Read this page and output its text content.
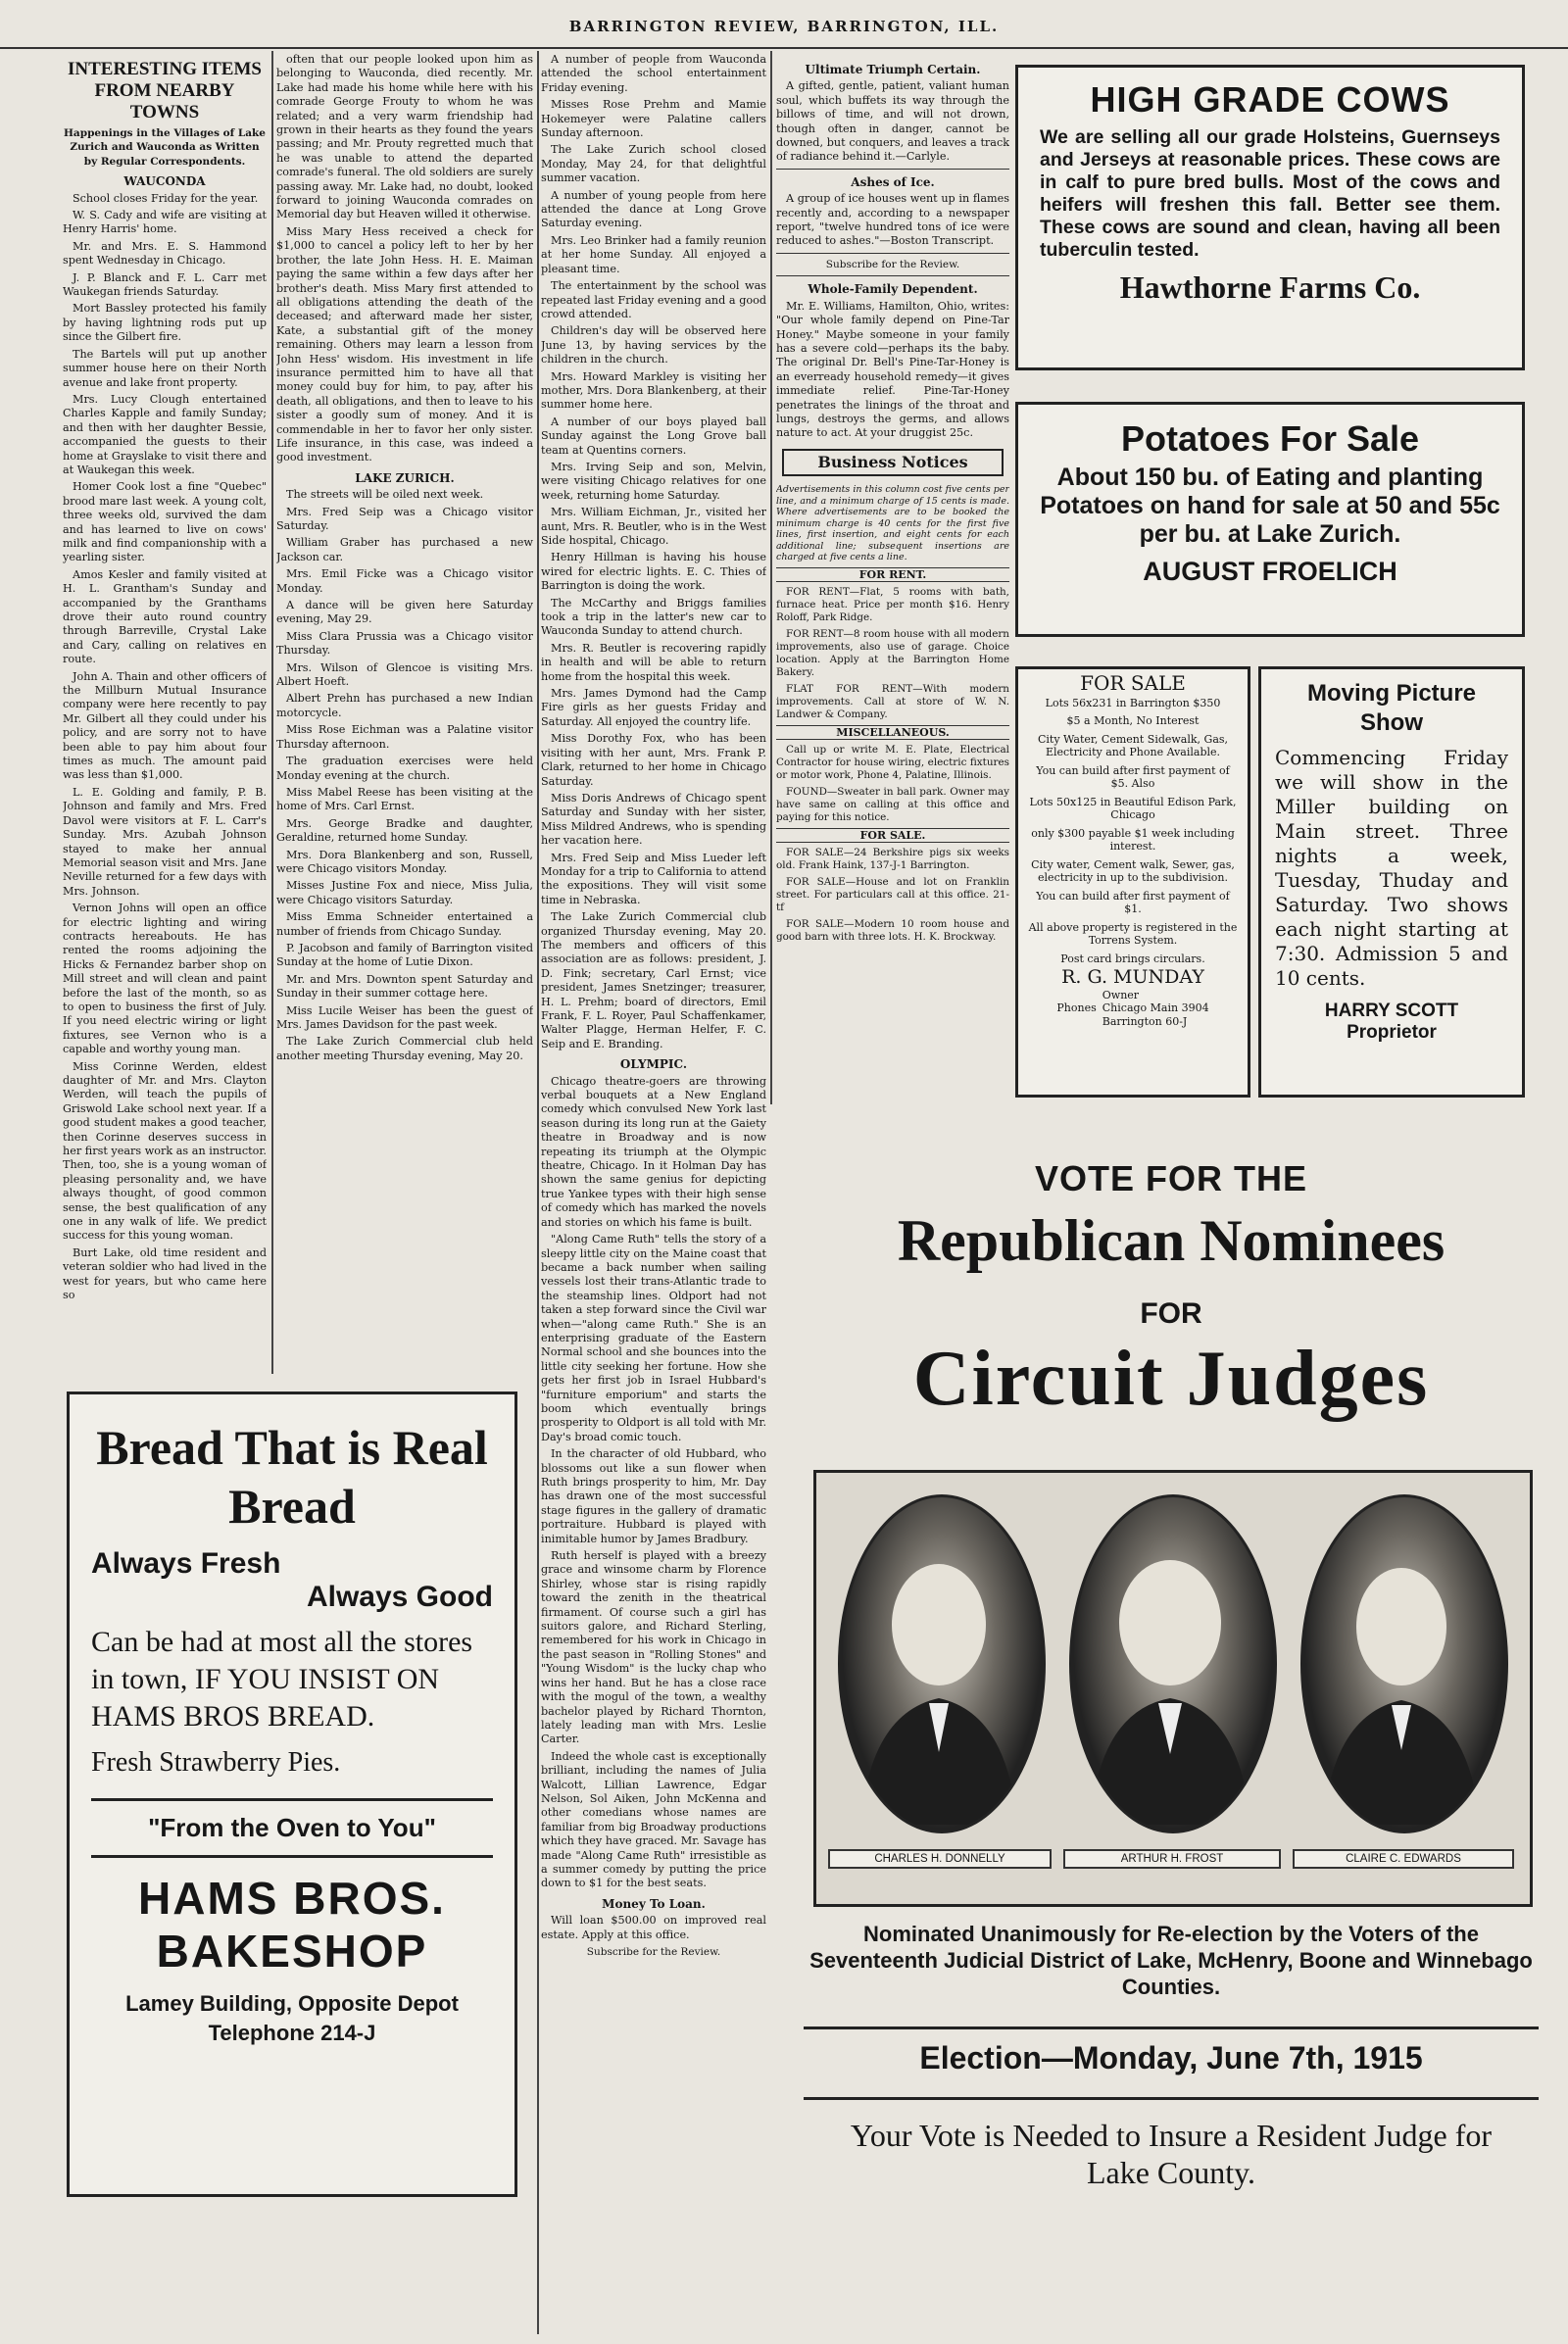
BARRINGTON REVIEW, BARRINGTON, ILL.
INTERESTING ITEMS FROM NEARBY TOWNS
Happenings in the Villages of Lake Zurich and Wauconda as Written by Regular Correspondents.
WAUCONDA

School closes Friday for the year.

W. S. Cady and wife are visiting at Henry Harris' home.

Mr. and Mrs. E. S. Hammond spent Wednesday in Chicago.

J. P. Blanck and F. L. Carr met Waukegan friends Saturday.

Mort Bassley protected his family by having lightning rods put up since the Gilbert fire.

The Bartels will put up another summer house here on their North avenue and lake front property.

Mrs. Lucy Clough entertained Charles Kapple and family Sunday; and then with her daughter Bessie, accompanied the guests to their home at Grayslake to visit there and at Waukegan this week.

Homer Cook lost a fine "Quebec" brood mare last week. A young colt, three weeks old, survived the dam and has learned to live on cows' milk and find companionship with a yearling sister.

Amos Kesler and family visited at H. L. Grantham's Sunday and accompanied by the Granthams drove their auto round country through Barreville, Crystal Lake and Cary, calling on relatives en route.

John A. Thain and other officers of the Millburn Mutual Insurance company were here recently to pay Mr. Gilbert all they could under his policy, and are sorry not to have been able to pay him about four times as much. The amount paid was less than $1,000.

L. E. Golding and family, P. B. Johnson and family and Mrs. Fred Davol were visitors at F. L. Carr's Sunday. Mrs. Azubah Johnson stayed to make her annual Memorial season visit and Mrs. Jane Neville returned for a few days with Mrs. Johnson.

Vernon Johns will open an office for electric lighting and wiring contracts hereabouts. He has rented the rooms adjoining the Hicks & Fernandez barber shop on Mill street and will clean and paint before the last of the month, so as to open to business the first of July. If you need electric wiring or light fixtures, see Vernon who is a capable and worthy young man.

Miss Corinne Werden, eldest daughter of Mr. and Mrs. Clayton Werden, will teach the pupils of Griswold Lake school next year. If a good student makes a good teacher, then Corinne deserves success in her first years work as an instructor. Then, too, she is a young woman of pleasing personality and, we have always thought, of good common sense, the best qualification of any one in any walk of life. We predict success for this young woman.

Burt Lake, old time resident and veteran soldier who had lived in the west for years, but who came here so

often that our people looked upon him as belonging to Wauconda, died recently. Mr. Lake had made his home while here with his comrade George Frouty to whom he was related; and a very warm friendship had grown in their hearts as they found the years passing; and Mr. Prouty regretted much that he was unable to attend the departed comrade's funeral. The old soldiers are surely passing away. Mr. Lake had, no doubt, looked forward to joining Wauconda comrades on Memorial day but Heaven willed it otherwise.

Miss Mary Hess received a check for $1,000 to cancel a policy left to her by her brother, the late John Hess. H. E. Maiman paying the same within a few days after her brother's death. Miss Mary first attended to all obligations attending the death of the deceased; and afterward made her sister, Kate, a substantial gift of the money remaining. Others may learn a lesson from John Hess' wisdom. His investment in life insurance permitted him to have all that money could buy for him, to pay, after his death, all obligations, and then to leave to his sister a goodly sum of money. And it is commendable in her to favor her only sister. Life insurance, in this case, was indeed a good investment.

LAKE ZURICH.

The streets will be oiled next week.

Mrs. Fred Seip was a Chicago visitor Saturday.

William Graber has purchased a new Jackson car.

Mrs. Emil Ficke was a Chicago visitor Monday.

A dance will be given here Saturday evening, May 29.

Miss Clara Prussia was a Chicago visitor Thursday.

Mrs. Wilson of Glencoe is visiting Mrs. Albert Hoeft.

Albert Prehn has purchased a new Indian motorcycle.

Miss Rose Eichman was a Palatine visitor Thursday afternoon.

The graduation exercises were held Monday evening at the church.

Miss Mabel Reese has been visiting at the home of Mrs. Carl Ernst.

Mrs. George Bradke and daughter, Geraldine, returned home Sunday.

Mrs. Dora Blankenberg and son, Russell, were Chicago visitors Monday.

Misses Justine Fox and niece, Miss Julia, were Chicago visitors Saturday.

Miss Emma Schneider entertained a number of friends from Chicago Sunday.

P. Jacobson and family of Barrington visited Sunday at the home of Lutie Dixon.

Mr. and Mrs. Downton spent Saturday and Sunday in their summer cottage here.

Miss Lucile Weiser has been the guest of Mrs. James Davidson for the past week.

The Lake Zurich Commercial club held another meeting Thursday evening, May 20.

A number of people from Wauconda attended the school entertainment Friday evening.

Misses Rose Prehm and Mamie Hokemeyer were Palatine callers Sunday afternoon.

The Lake Zurich school closed Monday, May 24, for that delightful summer vacation.

A number of young people from here attended the dance at Long Grove Saturday evening.

Mrs. Leo Brinker had a family reunion at her home Sunday. All enjoyed a pleasant time.

The entertainment by the school was repeated last Friday evening and a good crowd attended.

Children's day will be observed here June 13, by having services by the children in the church.

Mrs. Howard Markley is visiting her mother, Mrs. Dora Blankenberg, at their summer home here.

A number of our boys played ball Sunday against the Long Grove ball team at Quentins corners.

Mrs. Irving Seip and son, Melvin, were visiting Chicago relatives for one week, returning home Saturday.

Mrs. William Eichman, Jr., visited her aunt, Mrs. R. Beutler, who is in the West Side hospital, Chicago.

Henry Hillman is having his house wired for electric lights. E. C. Thies of Barrington is doing the work.

The McCarthy and Briggs families took a trip in the latter's new car to Wauconda Sunday to attend church.

Mrs. R. Beutler is recovering rapidly in health and will be able to return home from the hospital this week.

Mrs. James Dymond had the Camp Fire girls as her guests Friday and Saturday. All enjoyed the country life.

Miss Dorothy Fox, who has been visiting with her aunt, Mrs. Frank P. Clark, returned to her home in Chicago Saturday.

Miss Doris Andrews of Chicago spent Saturday and Sunday with her sister, Miss Mildred Andrews, who is spending her vacation here.

Mrs. Fred Seip and Miss Lueder left Monday for a trip to California to attend the expositions. They will visit some time in Nebraska.

The Lake Zurich Commercial club organized Thursday evening, May 20. The members and officers of this association are as follows: president, J. D. Fink; secretary, Carl Ernst; vice president, James Snetzinger; treasurer, H. L. Prehm; board of directors, Emil Frank, F. L. Royer, Paul Schaffenkamer, Walter Plagge, Herman Helfer, F. C. Seip and E. Branding.

OLYMPIC.

Chicago theatre-goers are throwing verbal bouquets at a New England comedy which convulsed New York last season during its long run at the Gaiety theatre in Broadway and is now repeating its triumph at the Olympic theatre, Chicago. In it Holman Day has shown the same genius for depicting true Yankee types with their high sense of comedy which has marked the novels and stories on which his fame is built.

"Along Came Ruth" tells the story of a sleepy little city on the Maine coast that became a back number when sailing vessels lost their trans-Atlantic trade to the steamship lines. Oldport had not taken a step forward since the Civil war when—"along came Ruth." She is an enterprising graduate of the Eastern Normal school and she bounces into the little city seeking her fortune. How she gets her first job in Israel Hubbard's "furniture emporium" and starts the boom which eventually brings prosperity to Oldport is all told with Mr. Day's broad comic touch.

In the character of old Hubbard, who blossoms out like a sun flower when Ruth brings prosperity to him, Mr. Day has drawn one of the most successful stage figures in the gallery of dramatic portraiture. Hubbard is played with inimitable humor by James Bradbury.

Ruth herself is played with a breezy grace and winsome charm by Florence Shirley, whose star is rising rapidly toward the zenith in the theatrical firmament. Of course such a girl has suitors galore, and Richard Sterling, remembered for his work in Chicago in the past season in "Rolling Stones" and "Young Wisdom" is the lucky chap who wins her hand. But he has a close race with the mogul of the town, a wealthy bachelor played by Richard Thornton, lately leading man with Mrs. Leslie Carter.

Indeed the whole cast is exceptionally brilliant, including the names of Julia Walcott, Lillian Lawrence, Edgar Nelson, Sol Aiken, John McKenna and other comedians whose names are familiar from big Broadway productions which they have graced. Mr. Savage has made "Along Came Ruth" irresistible as a summer comedy by putting the price down to $1 for the best seats.

Money To Loan.

Will loan $500.00 on improved real estate. Apply at this office.

Subscribe for the Review.
Ultimate Triumph Certain.

A gifted, gentle, patient, valiant human soul, which buffets its way through the billows of time, and will not drown, though often in danger, cannot be downed, but conquers, and leaves a track of radiance behind it.—Carlyle.

Ashes of Ice.

A group of ice houses went up in flames recently and, according to a newspaper report, "twelve hundred tons of ice were reduced to ashes."—Boston Transcript.

Subscribe for the Review.
Whole-Family Dependent.

Mr. E. Williams, Hamilton, Ohio, writes: "Our whole family depend on Pine-Tar Honey." Maybe someone in your family has a severe cold—perhaps its the baby. The original Dr. Bell's Pine-Tar-Honey is an everready household remedy—it gives immediate relief. Pine-Tar-Honey penetrates the linings of the throat and lungs, destroys the germs, and allows nature to act. At your druggist 25c.

Business Notices
Advertisements in this column cost five cents per line, and a minimum charge of 15 cents is made. Where advertisements are to be booked the minimum charge is 40 cents for the first five lines, first insertion, and eight cents for each additional line; subsequent insertions are charged at five cents a line.
FOR RENT.

FOR RENT—Flat, 5 rooms with bath, furnace heat. Price per month $16. Henry Roloff, Park Ridge.

FOR RENT—8 room house with all modern improvements, also use of garage. Choice location. Apply at the Barrington Home Bakery.

FLAT FOR RENT—With modern improvements. Call at store of W. N. Landwer & Company.

MISCELLANEOUS.

Call up or write M. E. Plate, Electrical Contractor for house wiring, electric fixtures or motor work, Phone 4, Palatine, Illinois.

FOUND—Sweater in ball park. Owner may have same on calling at this office and paying for this notice.

FOR SALE.

FOR SALE—24 Berkshire pigs six weeks old. Frank Haink, 137-J-1 Barrington.

FOR SALE—House and lot on Franklin street. For particulars call at this office. 21-tf

FOR SALE—Modern 10 room house and good barn with three lots. H. K. Brockway.

HIGH GRADE COWS
We are selling all our grade Holsteins, Guernseys and Jerseys at reasonable prices. These cows are in calf to pure bred bulls. Most of the cows and heifers will freshen this fall. Better see them. These cows are sound and clean, having all been tuberculin tested.
Hawthorne Farms Co.
Potatoes For Sale
About 150 bu. of Eating and planting Potatoes on hand for sale at 50 and 55c per bu. at Lake Zurich.
AUGUST FROELICH
FOR SALE
Lots 56x231 in Barrington $350
$5 a Month, No Interest
City Water, Cement Sidewalk, Gas, Electricity and Phone Available.
You can build after first payment of $5. Also
Lots 50x125 in Beautiful Edison Park, Chicago
only $300 payable $1 week including interest.
City water, Cement walk, Sewer, gas, electricity in up to the subdivision.
You can build after first payment of $1.
All above property is registered in the Torrens System.
Post card brings circulars.
R. G. MUNDAY
Phones
Owner
Chicago Main 3904
Barrington 60-J
Moving Picture Show
Commencing Friday we will show in the Miller building on Main street. Three nights a week, Tuesday, Thuday and Saturday. Two shows each night starting at 7:30. Admission 5 and 10 cents.
HARRY SCOTT
Proprietor
VOTE FOR THE
Republican Nominees
FOR
Circuit Judges
CHARLES H. DONNELLY	ARTHUR H. FROST	CLAIRE C. EDWARDS
Nominated Unanimously for Re-election by the Voters of the Seventeenth Judicial District of Lake, McHenry, Boone and Winnebago Counties.
Election—Monday, June 7th, 1915
Your Vote is Needed to Insure a Resident Judge for Lake County.
Bread That is Real Bread
Always Fresh
Always Good
Can be had at most all the stores in town, IF YOU INSIST ON HAMS BROS BREAD.
Fresh Strawberry Pies.
"From the Oven to You"
HAMS BROS.
BAKESHOP
Lamey Building, Opposite Depot
Telephone 214-J
